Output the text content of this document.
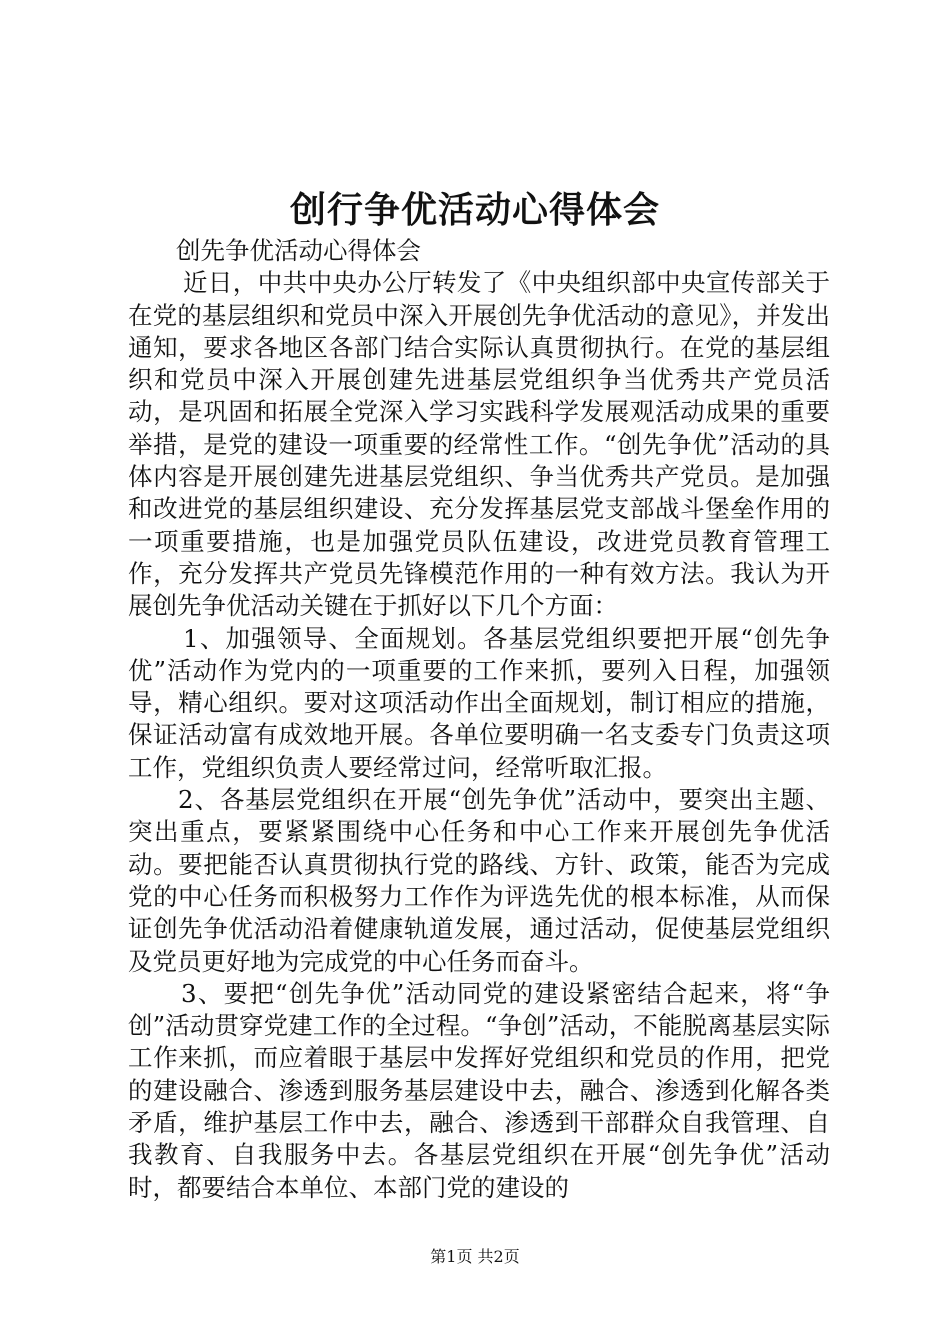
创行争优活动心得体会

创先争优活动心得体会

近日，中共中央办公厅转发了《中央组织部中央宣传部关于在党的基层组织和党员中深入开展创先争优活动的意见》，并发出通知，要求各地区各部门结合实际认真贯彻执行。在党的基层组织和党员中深入开展创建先进基层党组织争当优秀共产党员活动，是巩固和拓展全党深入学习实践科学发展观活动成果的重要举措，是党的建设一项重要的经常性工作。“创先争优”活动的具体内容是开展创建先进基层党组织、争当优秀共产党员。是加强和改进党的基层组织建设、充分发挥基层党支部战斗堡垒作用的一项重要措施，也是加强党员队伍建设，改进党员教育管理工作，充分发挥共产党员先锋模范作用的一种有效方法。我认为开展创先争优活动关键在于抓好以下几个方面：

1、加强领导、全面规划。各基层党组织要把开展“创先争优”活动作为党内的一项重要的工作来抓，要列入日程，加强领导，精心组织。要对这项活动作出全面规划，制订相应的措施，保证活动富有成效地开展。各单位要明确一名支委专门负责这项工作，党组织负责人要经常过问，经常听取汇报。

2、各基层党组织在开展“创先争优”活动中，要突出主题、突出重点，要紧紧围绕中心任务和中心工作来开展创先争优活动。要把能否认真贯彻执行党的路线、方针、政策，能否为完成党的中心任务而积极努力工作作为评选先优的根本标准，从而保证创先争优活动沿着健康轨道发展，通过活动，促使基层党组织及党员更好地为完成党的中心任务而奋斗。

3、要把“创先争优”活动同党的建设紧密结合起来，将“争创”活动贯穿党建工作的全过程。“争创”活动，不能脱离基层实际工作来抓，而应着眼于基层中发挥好党组织和党员的作用，把党的建设融合、渗透到服务基层建设中去，融合、渗透到化解各类矛盾，维护基层工作中去，融合、渗透到干部群众自我管理、自我教育、自我服务中去。各基层党组织在开展“创先争优”活动时，都要结合本单位、本部门党的建设的

第1页 共2页
